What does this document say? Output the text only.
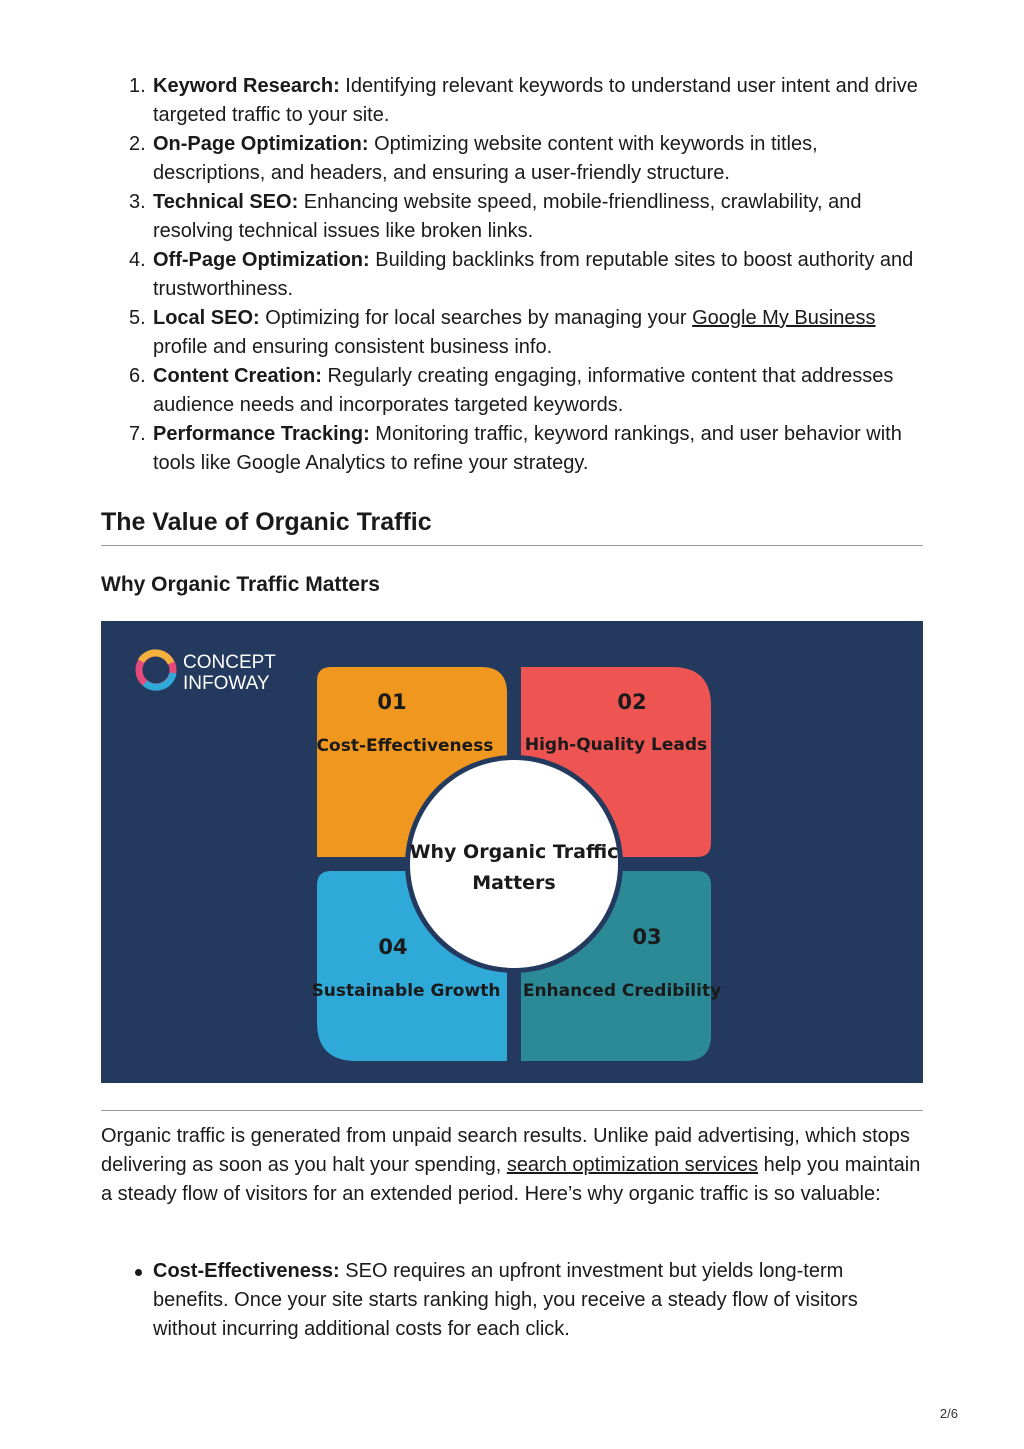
1. Keyword Research: Identifying relevant keywords to understand user intent and drive targeted traffic to your site.
2. On-Page Optimization: Optimizing website content with keywords in titles, descriptions, and headers, and ensuring a user-friendly structure.
3. Technical SEO: Enhancing website speed, mobile-friendliness, crawlability, and resolving technical issues like broken links.
4. Off-Page Optimization: Building backlinks from reputable sites to boost authority and trustworthiness.
5. Local SEO: Optimizing for local searches by managing your Google My Business profile and ensuring consistent business info.
6. Content Creation: Regularly creating engaging, informative content that addresses audience needs and incorporates targeted keywords.
7. Performance Tracking: Monitoring traffic, keyword rankings, and user behavior with tools like Google Analytics to refine your strategy.
The Value of Organic Traffic
Why Organic Traffic Matters
CONCEPT
INFOWAY
01
Cost-Effectiveness
02
High-Quality Leads
03
Enhanced Credibility
04
Sustainable Growth
Why Organic Traffic
Matters

Organic traffic is generated from unpaid search results. Unlike paid advertising, which stops delivering as soon as you halt your spending, search optimization services help you maintain a steady flow of visitors for an extended period. Here’s why organic traffic is so valuable:

Cost-Effectiveness: SEO requires an upfront investment but yields long-term benefits. Once your site starts ranking high, you receive a steady flow of visitors without incurring additional costs for each click.
2/6
